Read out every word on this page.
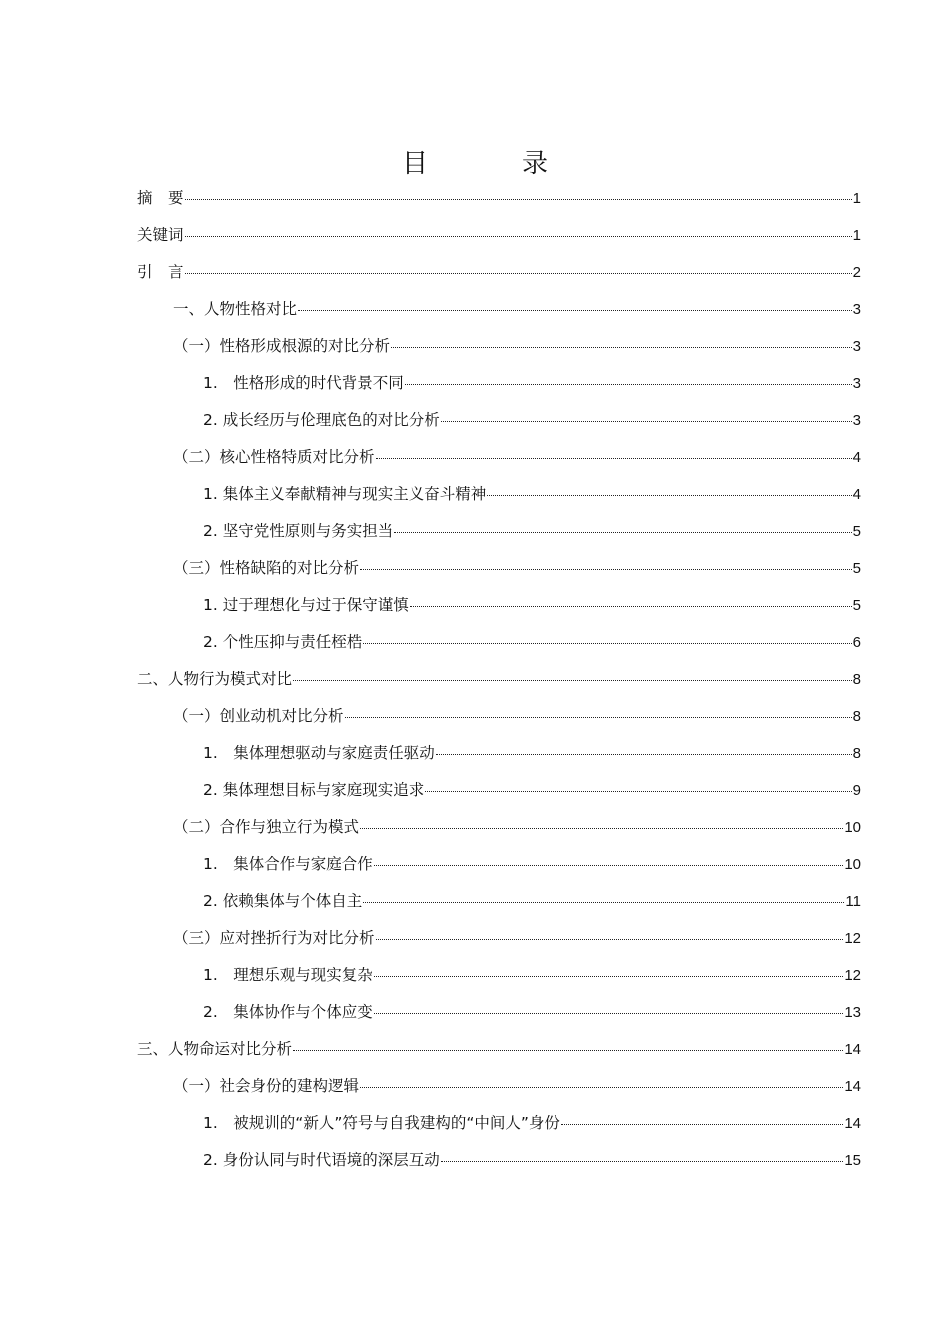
目　录
摘　要	1
关键词	1
引　言	2
一、人物性格对比	3
（一）性格形成根源的对比分析	3
1.　性格形成的时代背景不同	3
2. 成长经历与伦理底色的对比分析	3
（二）核心性格特质对比分析	4
1. 集体主义奉献精神与现实主义奋斗精神	4
2. 坚守党性原则与务实担当	5
（三）性格缺陷的对比分析	5
1. 过于理想化与过于保守谨慎	5
2. 个性压抑与责任桎梏	6
二、人物行为模式对比	8
（一）创业动机对比分析	8
1.　集体理想驱动与家庭责任驱动	8
2. 集体理想目标与家庭现实追求	9
（二）合作与独立行为模式	10
1.　集体合作与家庭合作	10
2. 依赖集体与个体自主	11
（三）应对挫折行为对比分析	12
1.　理想乐观与现实复杂	12
2.　集体协作与个体应变	13
三、人物命运对比分析	14
（一）社会身份的建构逻辑	14
1.　被规训的“新人”符号与自我建构的“中间人”身份	14
2. 身份认同与时代语境的深层互动	15
